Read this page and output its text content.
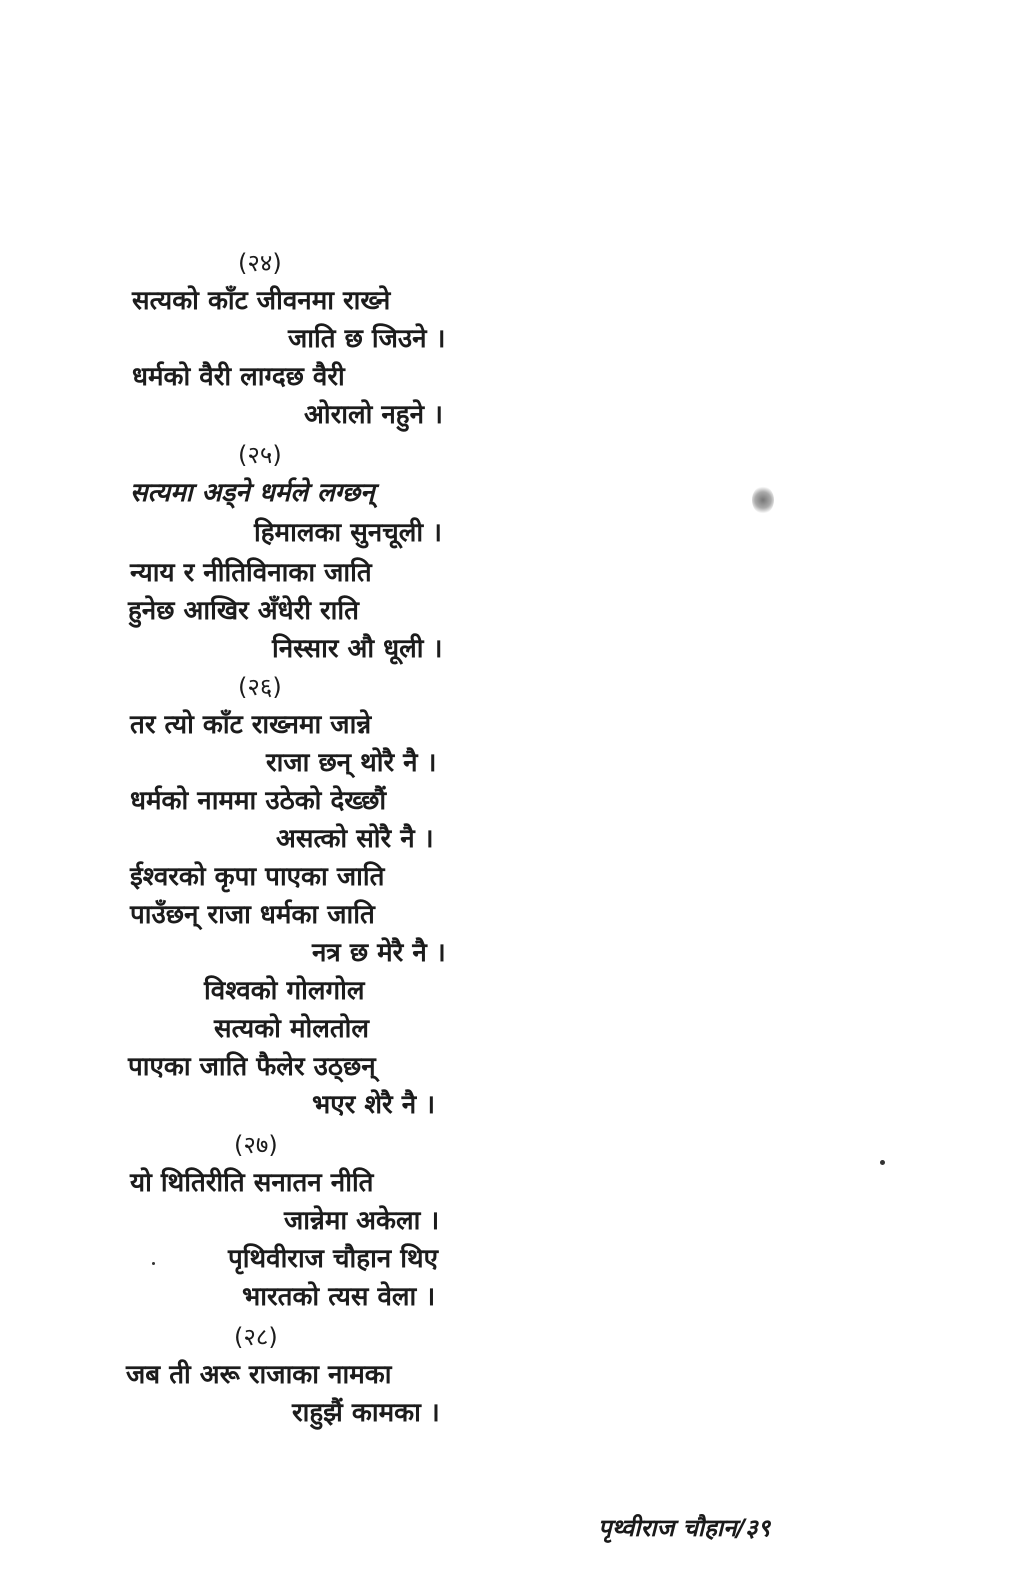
(२४)
सत्यको काँट जीवनमा राख्ने
जाति छ जिउने ।
धर्मको वैरी लाग्दछ वैरी
ओरालो नहुने ।
(२५)
सत्यमा अड्ने धर्मले लग्छन्
हिमालका सुनचूली ।
न्याय र नीतिविनाका जाति
हुनेछ आखिर अँधेरी राति
निस्सार औ धूली ।
(२६)
तर त्यो काँट राख्नमा जान्ने
राजा छन् थोरै नै ।
धर्मको नाममा उठेको देख्छौं
असत्को सोरै नै ।
ईश्वरको कृपा पाएका जाति
पाउँछन् राजा धर्मका जाति
नत्र छ मेरै नै ।
विश्वको गोलगोल
सत्यको मोलतोल
पाएका जाति फैलेर उठ्छन्
भएर शेरै नै ।
(२७)
यो थितिरीति सनातन नीति
जान्नेमा अकेला ।
पृथिवीराज चौहान थिए
भारतको त्यस वेला ।
(२८)
जब ती अरू राजाका नामका
राहुझैं कामका ।
पृथ्वीराज चौहान/३९
